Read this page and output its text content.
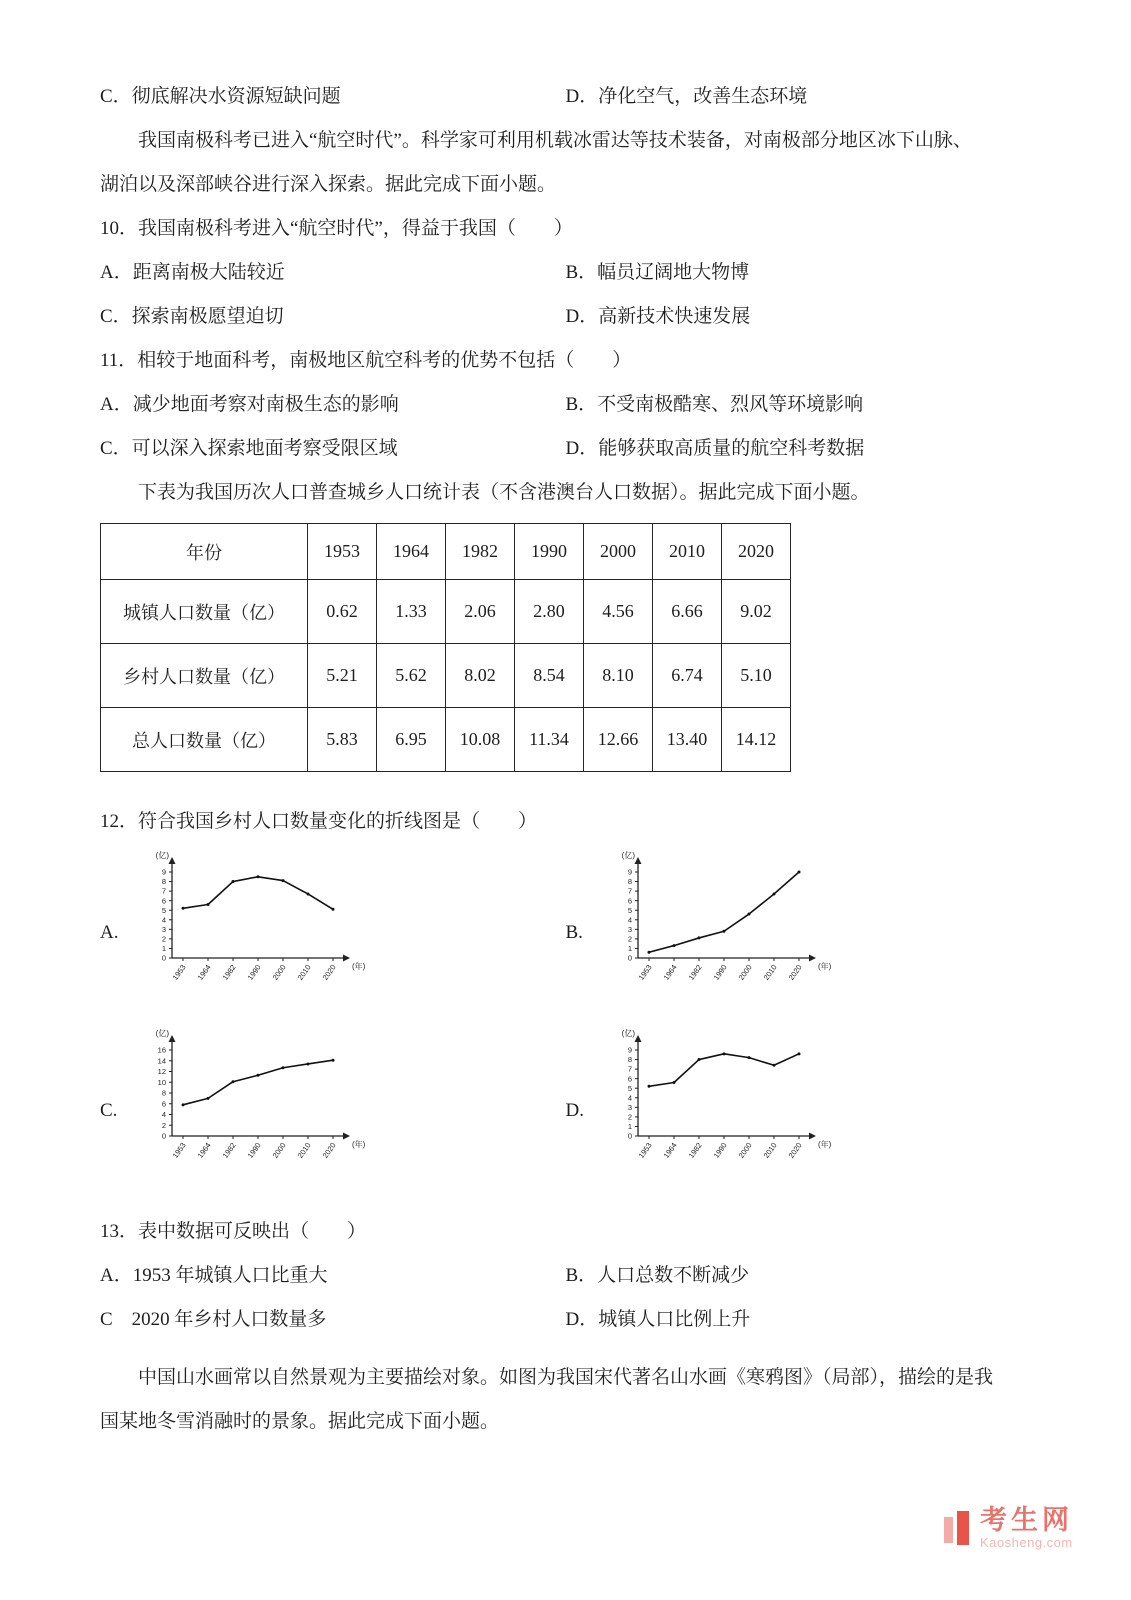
C．彻底解决水资源短缺问题	D．净化空气，改善生态环境

我国南极科考已进入“航空时代”。科学家可利用机载冰雷达等技术装备，对南极部分地区冰下山脉、

湖泊以及深部峡谷进行深入探索。据此完成下面小题。

10．我国南极科考进入“航空时代”，得益于我国（　　）

A．距离南极大陆较近	B．幅员辽阔地大物博
C．探索南极愿望迫切	D．高新技术快速发展

11．相较于地面科考，南极地区航空科考的优势不包括（　　）

A．减少地面考察对南极生态的影响	B．不受南极酷寒、烈风等环境影响
C．可以深入探索地面考察受限区域	D．能够获取高质量的航空科考数据

下表为我国历次人口普查城乡人口统计表（不含港澳台人口数据）。据此完成下面小题。

年份	1953	1964	1982	1990	2000	2010	2020
城镇人口数量（亿）	0.62	1.33	2.06	2.80	4.56	6.66	9.02
乡村人口数量（亿）	5.21	5.62	8.02	8.54	8.10	6.74	5.10
总人口数量（亿）	5.83	6.95	10.08	11.34	12.66	13.40	14.12

12．符合我国乡村人口数量变化的折线图是（　　）

A.
0
1
2
3
4
5
6
7
8
9
1953 1964 1982 1990 2000 2010 2020
(亿)
(年)
B.
0
1
2
3
4
5
6
7
8
9
1953 1964 1982 1990 2000 2010 2020
(亿)
(年)
C.
0
2
4
6
8
10
12
14
16
1953 1964 1982 1990 2000 2010 2020
(亿)
(年)
D.
0
1
2
3
4
5
6
7
8
9
1953 1964 1982 1990 2000 2010 2020
(亿)
(年)

13．表中数据可反映出（　　）

A．1953 年城镇人口比重大	B．人口总数不断减少
C　2020 年乡村人口数量多	D．城镇人口比例上升

中国山水画常以自然景观为主要描绘对象。如图为我国宋代著名山水画《寒鸦图》（局部），描绘的是我

国某地冬雪消融时的景象。据此完成下面小题。

考生网
Kaosheng.com
